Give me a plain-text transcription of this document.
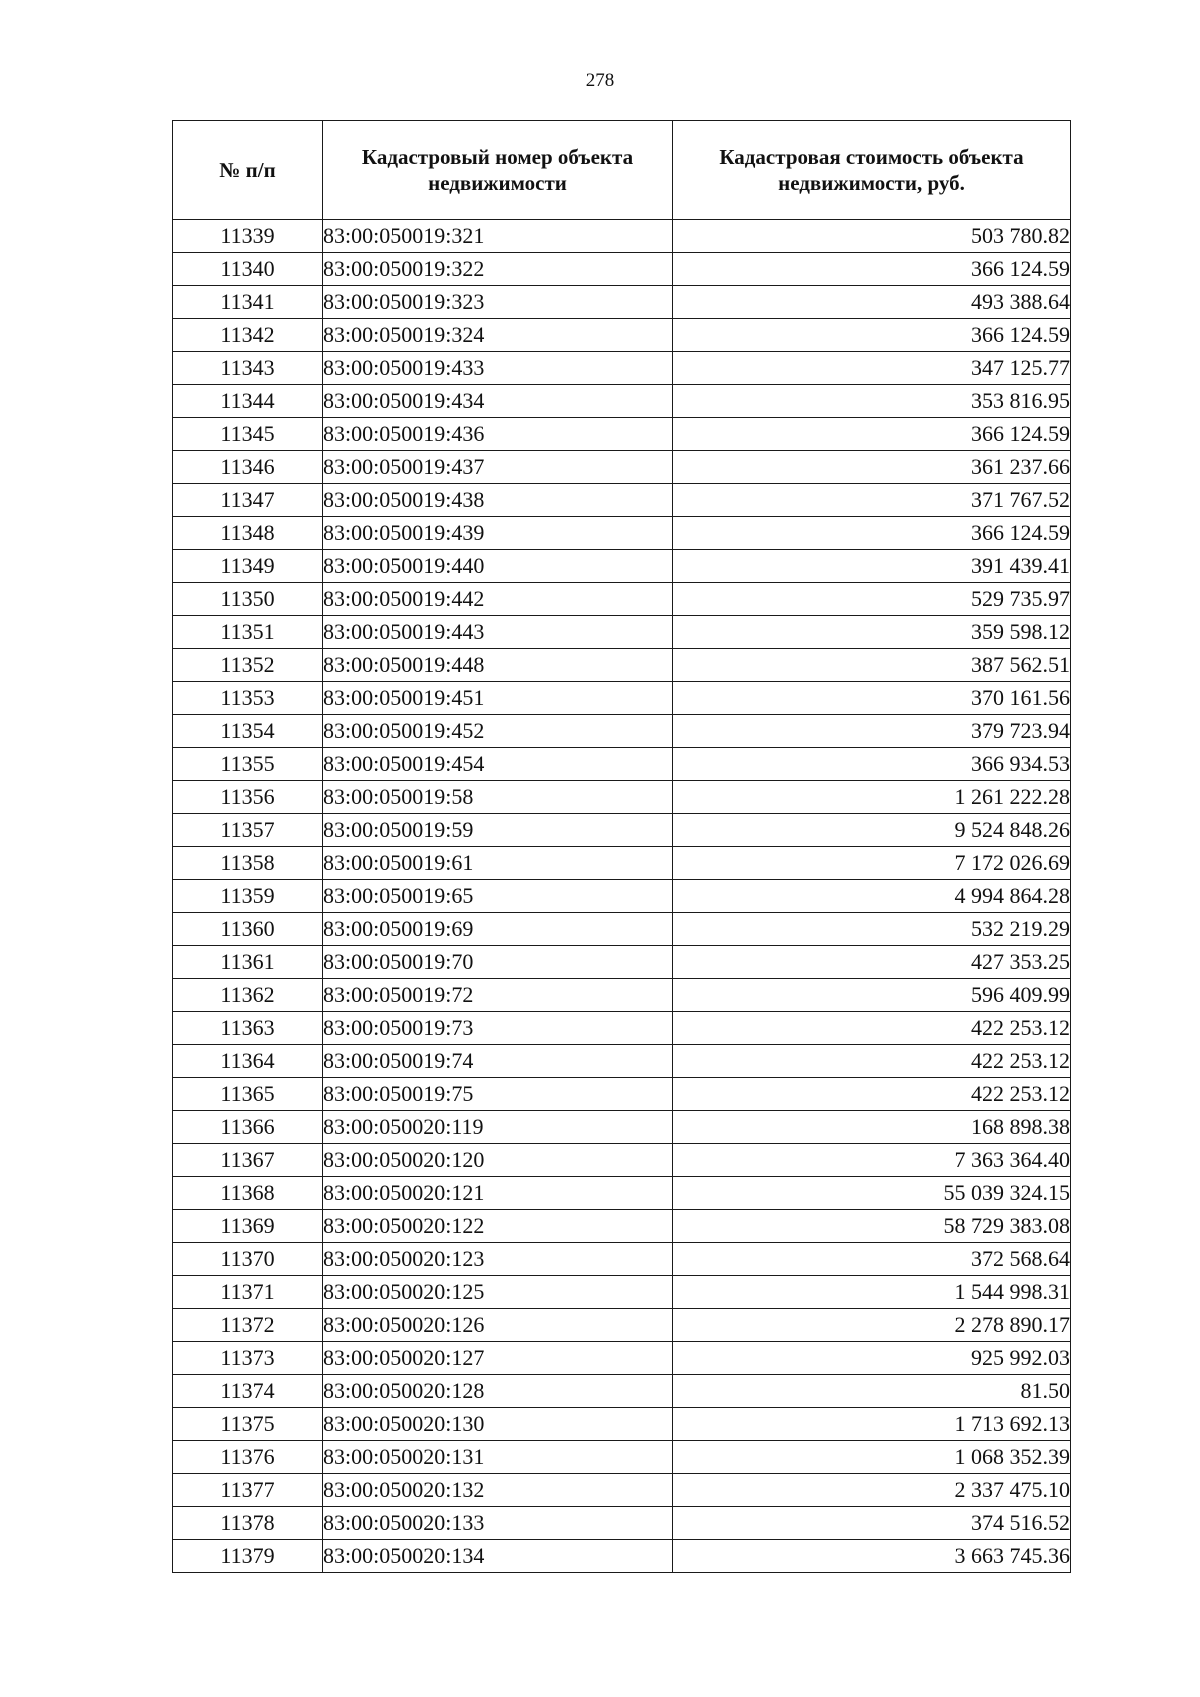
278
№ п/п	Кадастровый номер объекта недвижимости	Кадастровая стоимость объекта недвижимости, руб.
11339	83:00:050019:321	503 780.82
11340	83:00:050019:322	366 124.59
11341	83:00:050019:323	493 388.64
11342	83:00:050019:324	366 124.59
11343	83:00:050019:433	347 125.77
11344	83:00:050019:434	353 816.95
11345	83:00:050019:436	366 124.59
11346	83:00:050019:437	361 237.66
11347	83:00:050019:438	371 767.52
11348	83:00:050019:439	366 124.59
11349	83:00:050019:440	391 439.41
11350	83:00:050019:442	529 735.97
11351	83:00:050019:443	359 598.12
11352	83:00:050019:448	387 562.51
11353	83:00:050019:451	370 161.56
11354	83:00:050019:452	379 723.94
11355	83:00:050019:454	366 934.53
11356	83:00:050019:58	1 261 222.28
11357	83:00:050019:59	9 524 848.26
11358	83:00:050019:61	7 172 026.69
11359	83:00:050019:65	4 994 864.28
11360	83:00:050019:69	532 219.29
11361	83:00:050019:70	427 353.25
11362	83:00:050019:72	596 409.99
11363	83:00:050019:73	422 253.12
11364	83:00:050019:74	422 253.12
11365	83:00:050019:75	422 253.12
11366	83:00:050020:119	168 898.38
11367	83:00:050020:120	7 363 364.40
11368	83:00:050020:121	55 039 324.15
11369	83:00:050020:122	58 729 383.08
11370	83:00:050020:123	372 568.64
11371	83:00:050020:125	1 544 998.31
11372	83:00:050020:126	2 278 890.17
11373	83:00:050020:127	925 992.03
11374	83:00:050020:128	81.50
11375	83:00:050020:130	1 713 692.13
11376	83:00:050020:131	1 068 352.39
11377	83:00:050020:132	2 337 475.10
11378	83:00:050020:133	374 516.52
11379	83:00:050020:134	3 663 745.36
